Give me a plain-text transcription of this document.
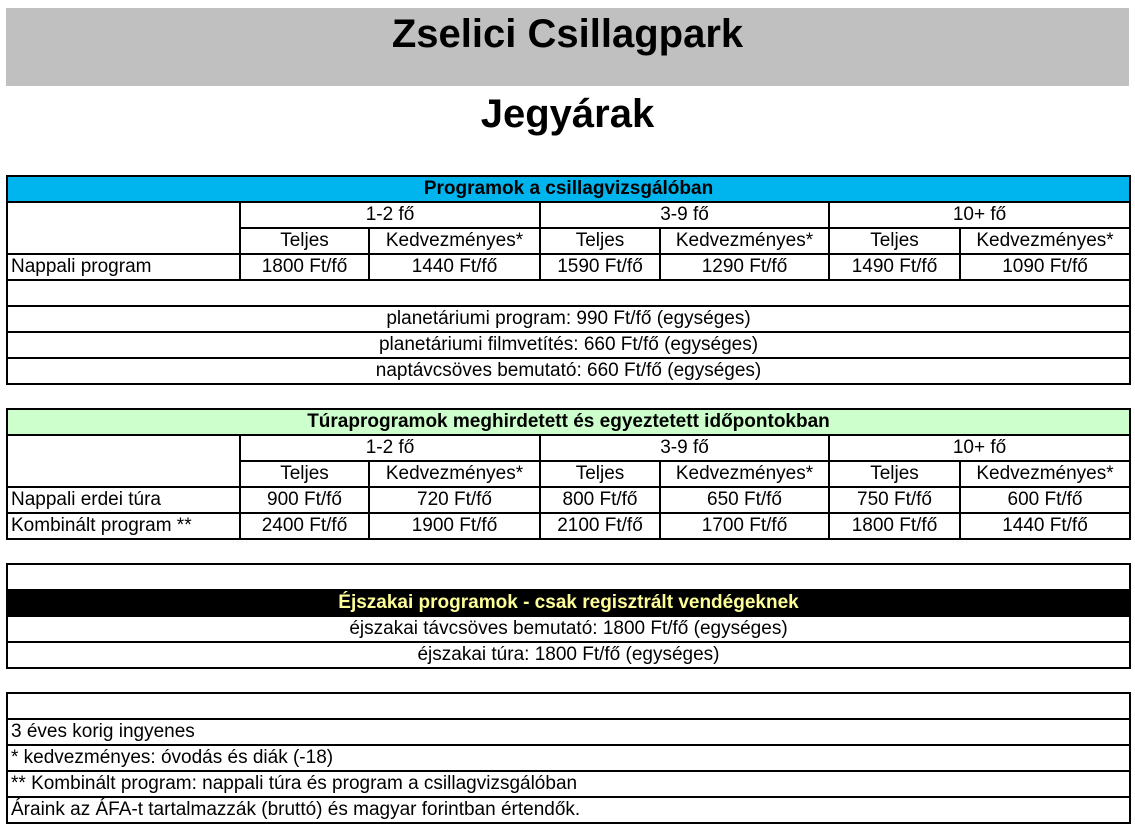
Zselici Csillagpark
Jegyárak
Programok a csillagvizsgálóban						
	1-2 fő		3-9 fő		10+ fő	
	Teljes	Kedvezményes*	Teljes	Kedvezményes*	Teljes	Kedvezményes*
Nappali program	1800 Ft/fő	1440 Ft/fő	1590 Ft/fő	1290 Ft/fő	1490 Ft/fő	1090 Ft/fő

planetáriumi program: 990 Ft/fő (egységes)						
planetáriumi filmvetítés: 660 Ft/fő (egységes)						
naptávcsöves bemutató: 660 Ft/fő (egységes)						
Túraprogramok meghirdetett és egyeztetett időpontokban						
	1-2 fő		3-9 fő		10+ fő	
	Teljes	Kedvezményes*	Teljes	Kedvezményes*	Teljes	Kedvezményes*
Nappali erdei túra	900 Ft/fő	720 Ft/fő	800 Ft/fő	650 Ft/fő	750 Ft/fő	600 Ft/fő
Kombinált program **	2400 Ft/fő	1900 Ft/fő	2100 Ft/fő	1700 Ft/fő	1800 Ft/fő	1440 Ft/fő

Éjszakai programok - csak regisztrált vendégeknek
éjszakai távcsöves bemutató: 1800 Ft/fő (egységes)
éjszakai túra: 1800 Ft/fő (egységes)

3 éves korig ingyenes
* kedvezményes: óvodás és diák (-18)
** Kombinált program: nappali túra és program a csillagvizsgálóban
Áraink az ÁFA-t tartalmazzák (bruttó) és magyar forintban értendők.
